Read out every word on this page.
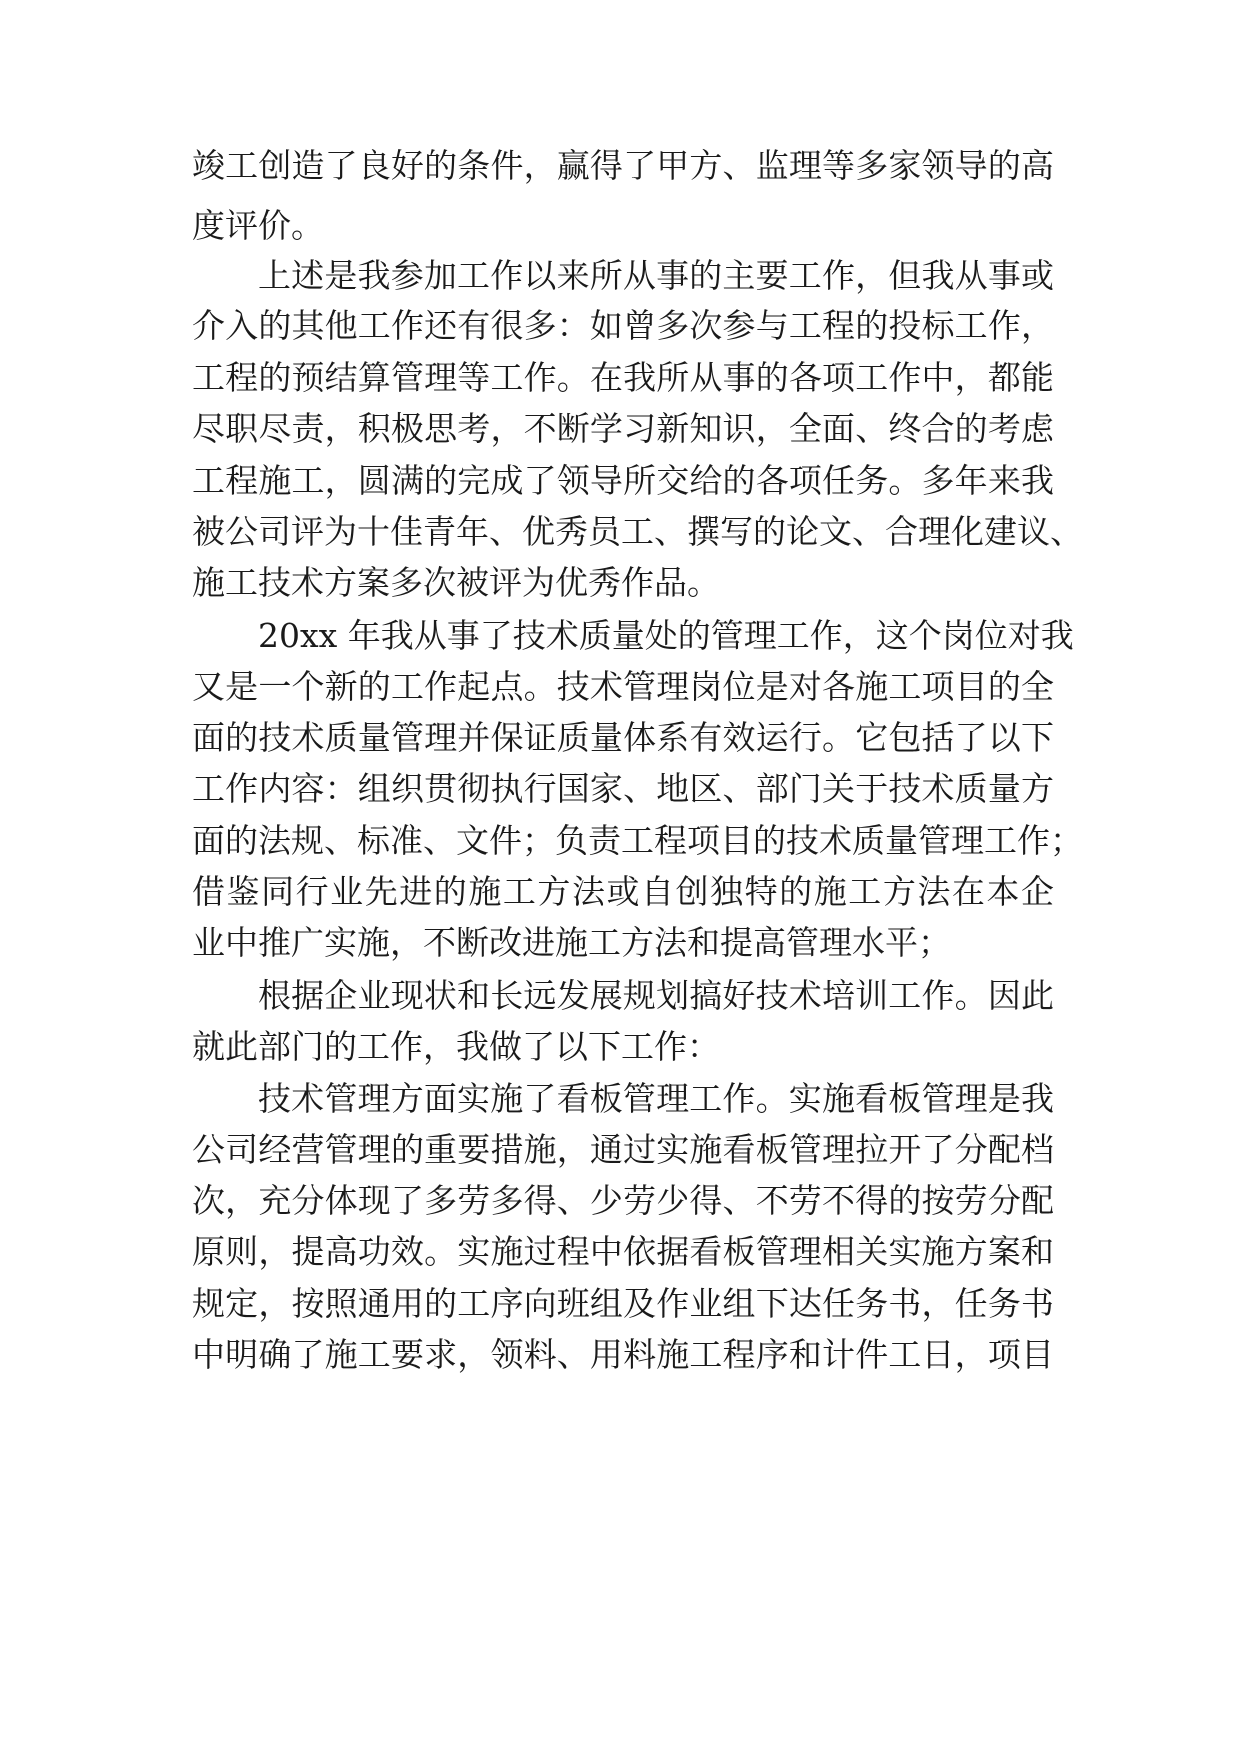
竣工创造了良好的条件，赢得了甲方、监理等多家领导的高
度评价。
上述是我参加工作以来所从事的主要工作，但我从事或
介入的其他工作还有很多：如曾多次参与工程的投标工作，
工程的预结算管理等工作。在我所从事的各项工作中，都能
尽职尽责，积极思考，不断学习新知识，全面、终合的考虑
工程施工，圆满的完成了领导所交给的各项任务。多年来我
被公司评为十佳青年、优秀员工、撰写的论文、合理化建议、
施工技术方案多次被评为优秀作品。
20xx 年我从事了技术质量处的管理工作，这个岗位对我
又是一个新的工作起点。技术管理岗位是对各施工项目的全
面的技术质量管理并保证质量体系有效运行。它包括了以下
工作内容：组织贯彻执行国家、地区、部门关于技术质量方
面的法规、标准、文件；负责工程项目的技术质量管理工作；
借鉴同行业先进的施工方法或自创独特的施工方法在本企
业中推广实施，不断改进施工方法和提高管理水平；
根据企业现状和长远发展规划搞好技术培训工作。因此
就此部门的工作，我做了以下工作：
技术管理方面实施了看板管理工作。实施看板管理是我
公司经营管理的重要措施，通过实施看板管理拉开了分配档
次，充分体现了多劳多得、少劳少得、不劳不得的按劳分配
原则，提高功效。实施过程中依据看板管理相关实施方案和
规定，按照通用的工序向班组及作业组下达任务书，任务书
中明确了施工要求，领料、用料施工程序和计件工日，项目
